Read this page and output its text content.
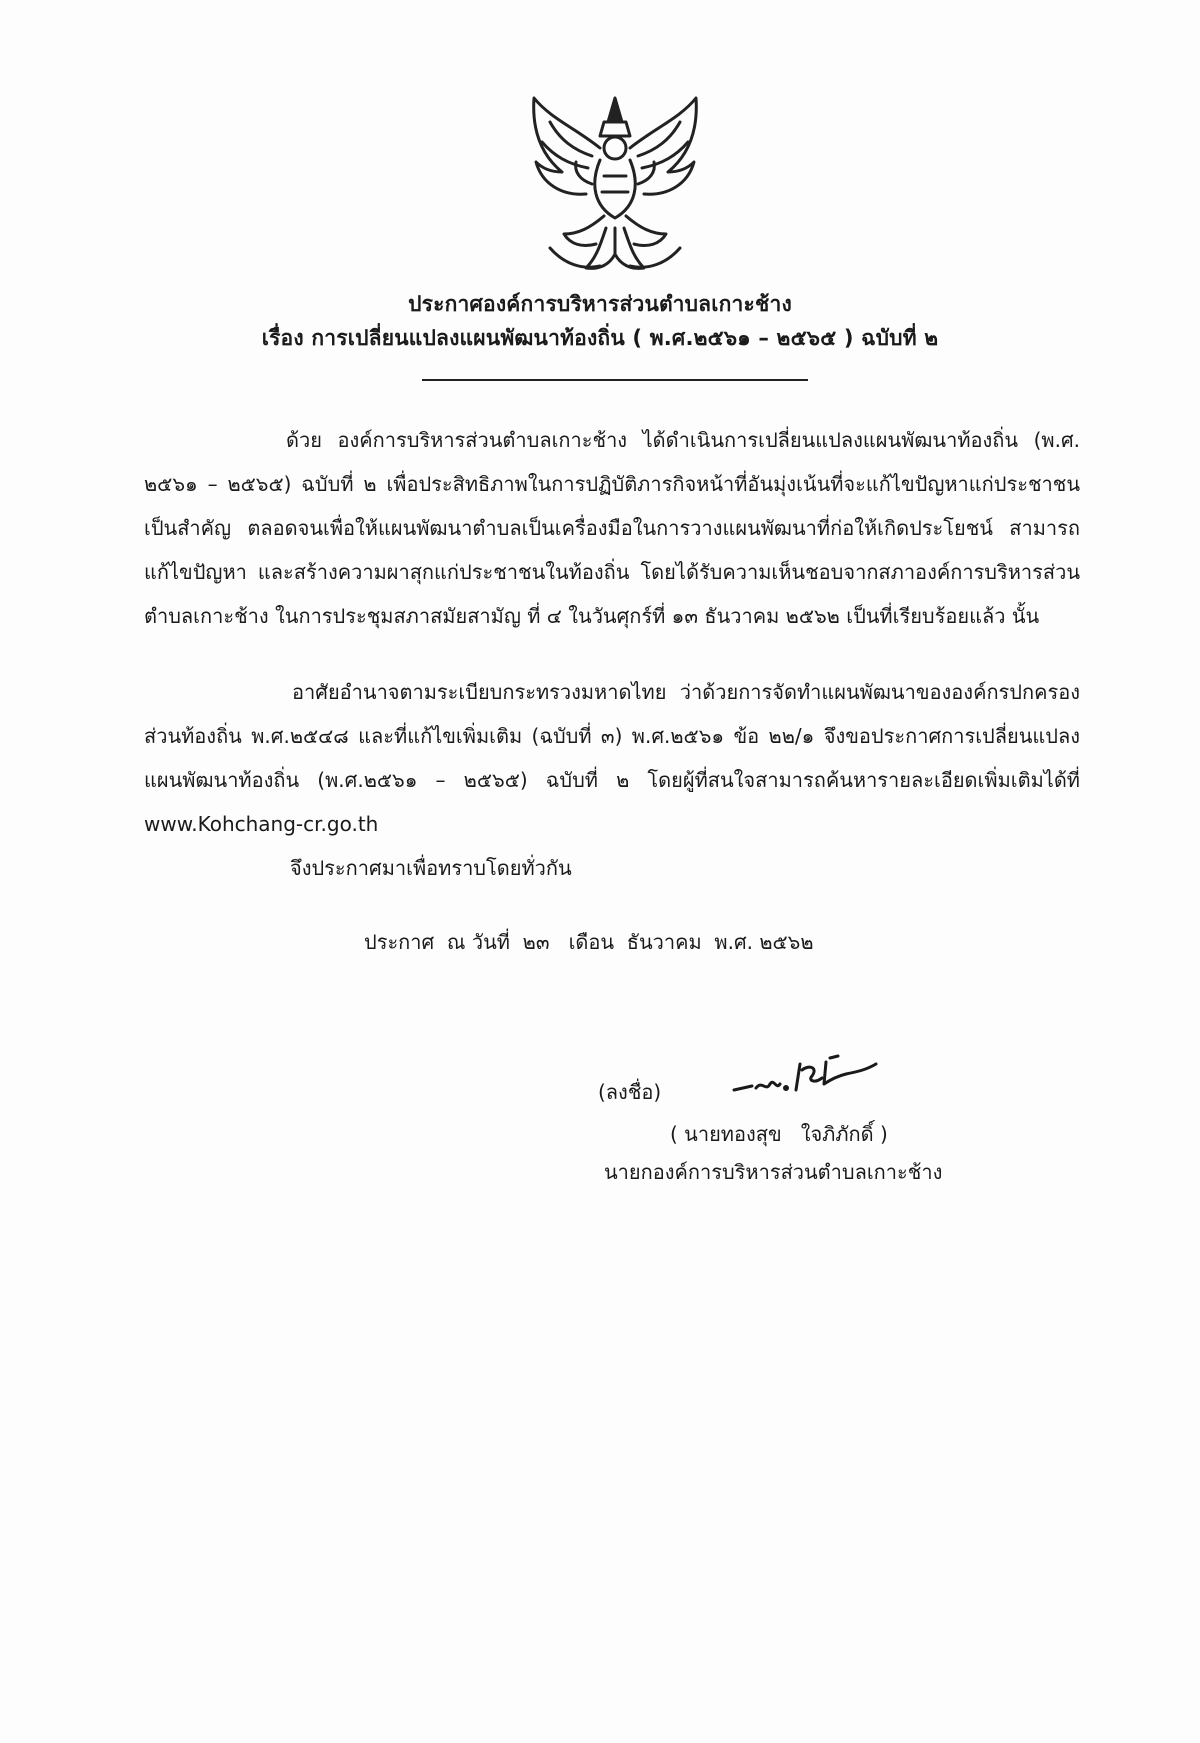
ประกาศองค์การบริหารส่วนตำบลเกาะช้าง
เรื่อง การเปลี่ยนแปลงแผนพัฒนาท้องถิ่น ( พ.ศ.๒๕๖๑ – ๒๕๖๕ ) ฉบับที่ ๒
ด้วย องค์การบริหารส่วนตำบลเกาะช้าง ได้ดำเนินการเปลี่ยนแปลงแผนพัฒนาท้องถิ่น (พ.ศ. ๒๕๖๑ – ๒๕๖๕) ฉบับที่ ๒ เพื่อประสิทธิภาพในการปฏิบัติภารกิจหน้าที่อันมุ่งเน้นที่จะแก้ไขปัญหาแก่ประชาชนเป็นสำคัญ ตลอดจนเพื่อให้แผนพัฒนาตำบลเป็นเครื่องมือในการวางแผนพัฒนาที่ก่อให้เกิดประโยชน์ สามารถแก้ไขปัญหา และสร้างความผาสุกแก่ประชาชนในท้องถิ่น โดยได้รับความเห็นชอบจากสภาองค์การบริหารส่วนตำบลเกาะช้าง ในการประชุมสภาสมัยสามัญ ที่ ๔ ในวันศุกร์ที่ ๑๓ ธันวาคม ๒๕๖๒ เป็นที่เรียบร้อยแล้ว นั้น
อาศัยอำนาจตามระเบียบกระทรวงมหาดไทย ว่าด้วยการจัดทำแผนพัฒนาขององค์กรปกครองส่วนท้องถิ่น พ.ศ.๒๕๔๘ และที่แก้ไขเพิ่มเติม (ฉบับที่ ๓) พ.ศ.๒๕๖๑ ข้อ ๒๒/๑ จึงขอประกาศการเปลี่ยนแปลงแผนพัฒนาท้องถิ่น (พ.ศ.๒๕๖๑ – ๒๕๖๕) ฉบับที่ ๒ โดยผู้ที่สนใจสามารถค้นหารายละเอียดเพิ่มเติมได้ที่ www.Kohchang-cr.go.th
จึงประกาศมาเพื่อทราบโดยทั่วกัน
ประกาศ  ณ วันที่  ๒๓   เดือน  ธันวาคม  พ.ศ. ๒๕๖๒
(ลงชื่อ)
( นายทองสุข   ใจภิภักดิ์ )
นายกองค์การบริหารส่วนตำบลเกาะช้าง
